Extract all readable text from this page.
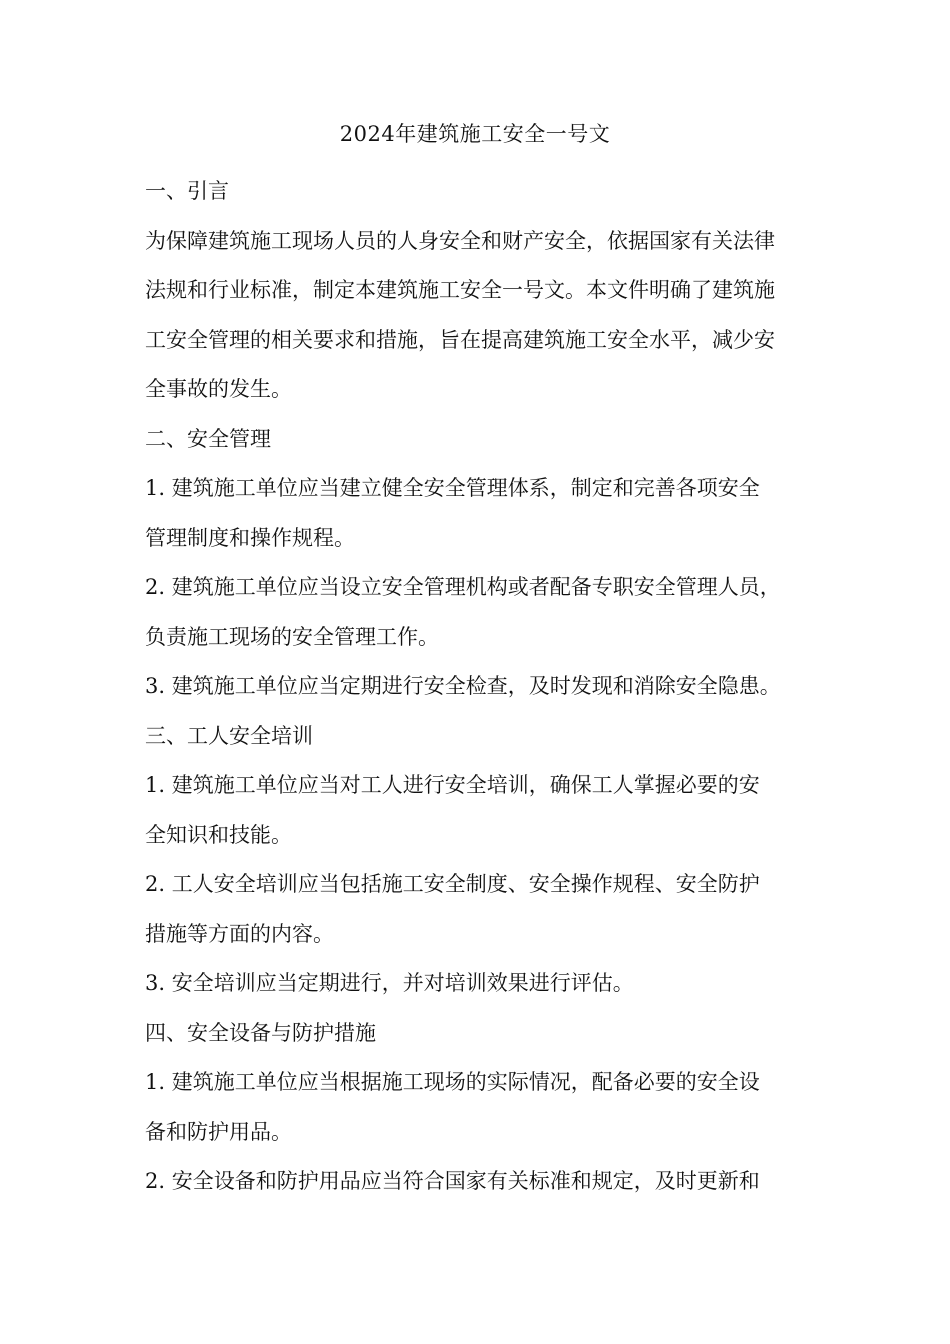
2024年建筑施工安全一号文
一、引言
为保障建筑施工现场人员的人身安全和财产安全，依据国家有关法律
法规和行业标准，制定本建筑施工安全一号文。本文件明确了建筑施
工安全管理的相关要求和措施，旨在提高建筑施工安全水平，减少安
全事故的发生。
二、安全管理
1. 建筑施工单位应当建立健全安全管理体系，制定和完善各项安全
管理制度和操作规程。
2. 建筑施工单位应当设立安全管理机构或者配备专职安全管理人员，
负责施工现场的安全管理工作。
3. 建筑施工单位应当定期进行安全检查，及时发现和消除安全隐患。
三、工人安全培训
1. 建筑施工单位应当对工人进行安全培训，确保工人掌握必要的安
全知识和技能。
2. 工人安全培训应当包括施工安全制度、安全操作规程、安全防护
措施等方面的内容。
3. 安全培训应当定期进行，并对培训效果进行评估。
四、安全设备与防护措施
1. 建筑施工单位应当根据施工现场的实际情况，配备必要的安全设
备和防护用品。
2. 安全设备和防护用品应当符合国家有关标准和规定，及时更新和
